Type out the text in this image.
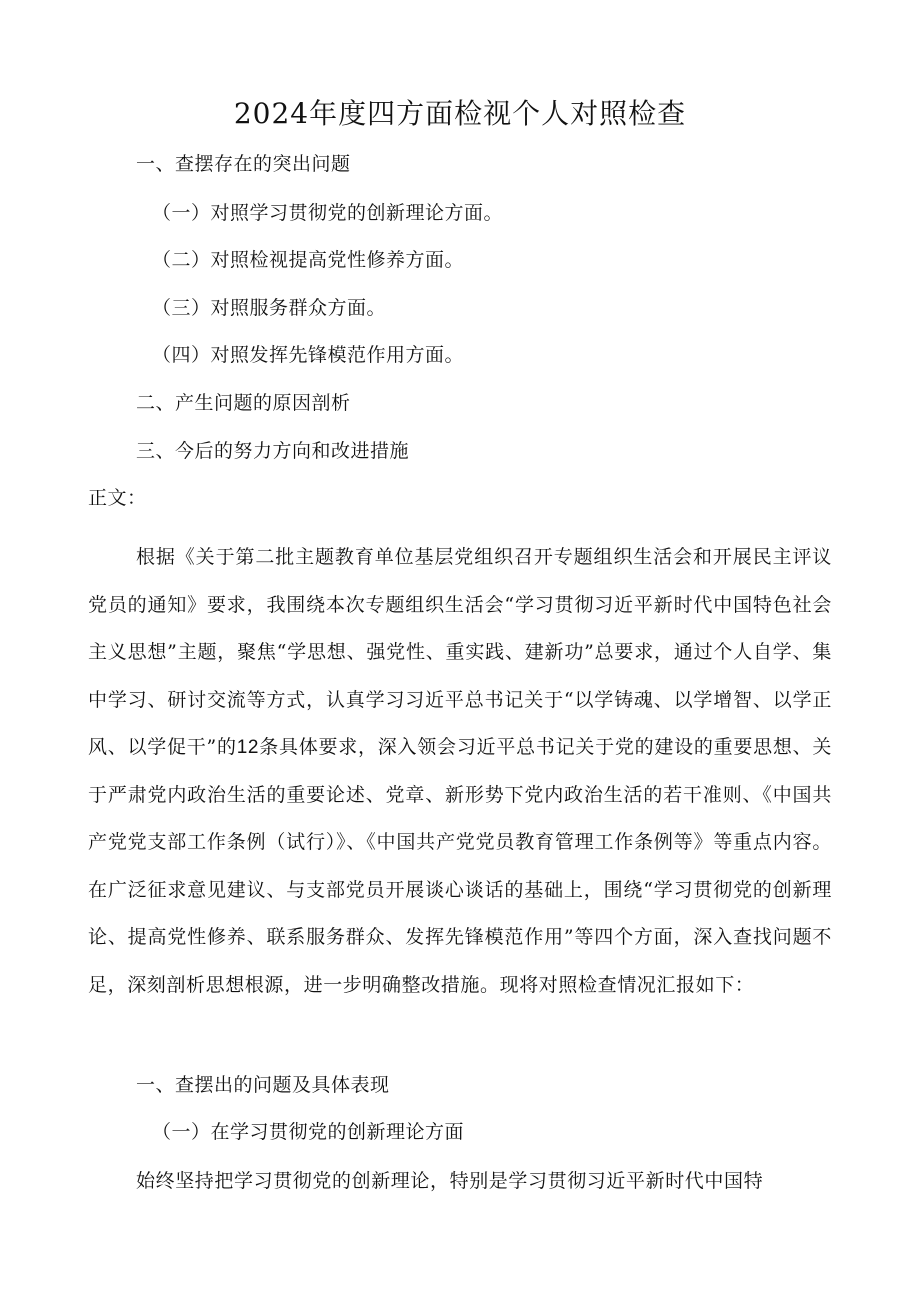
2024年度四方面检视个人对照检查
一、查摆存在的突出问题
（一）对照学习贯彻党的创新理论方面。
（二）对照检视提高党性修养方面。
（三）对照服务群众方面。
（四）对照发挥先锋模范作用方面。
二、产生问题的原因剖析
三、今后的努力方向和改进措施
正文：

根据《关于第二批主题教育单位基层党组织召开专题组织生活会和开展民主评议党员的通知》要求，我围绕本次专题组织生活会“学习贯彻习近平新时代中国特色社会主义思想”主题，聚焦“学思想、强党性、重实践、建新功”总要求，通过个人自学、集中学习、研讨交流等方式，认真学习习近平总书记关于“以学铸魂、以学增智、以学正风、以学促干”的12条具体要求，深入领会习近平总书记关于党的建设的重要思想、关于严肃党内政治生活的重要论述、党章、新形势下党内政治生活的若干准则、《中国共产党党支部工作条例（试行）》、《中国共产党党员教育管理工作条例等》等重点内容。在广泛征求意见建议、与支部党员开展谈心谈话的基础上，围绕“学习贯彻党的创新理论、提高党性修养、联系服务群众、发挥先锋模范作用”等四个方面，深入查找问题不足，深刻剖析思想根源，进一步明确整改措施。现将对照检查情况汇报如下：

一、查摆出的问题及具体表现
（一）在学习贯彻党的创新理论方面

始终坚持把学习贯彻党的创新理论，特别是学习贯彻习近平新时代中国特
